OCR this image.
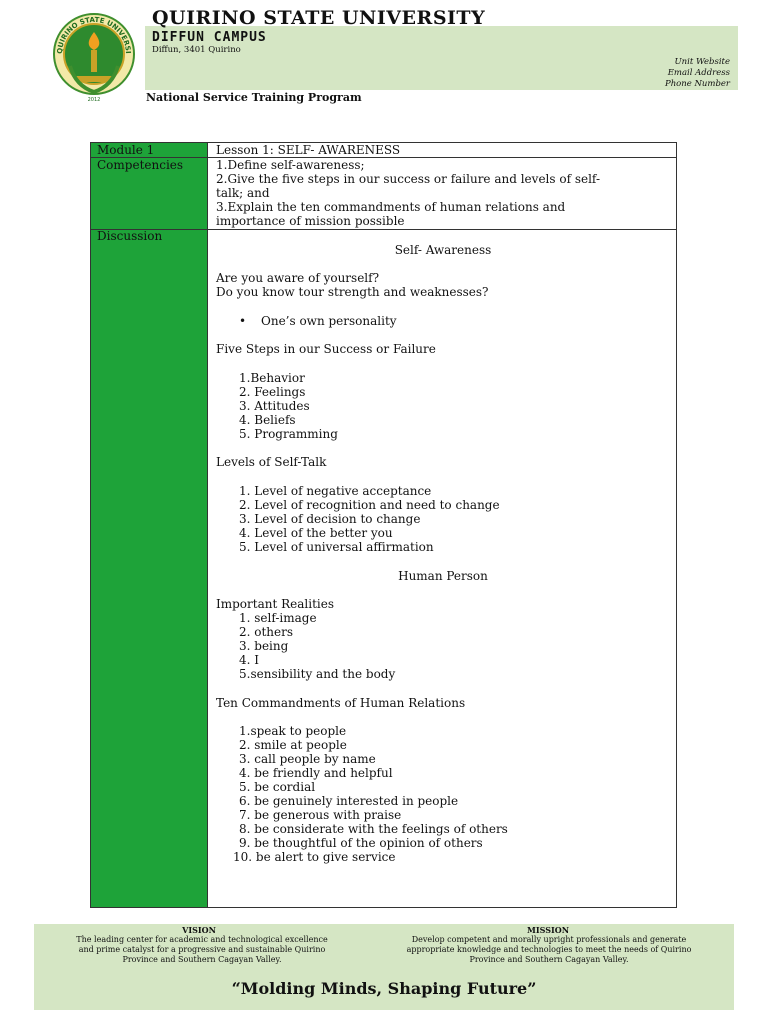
QUIRINO STATE UNIVERSI
2012
QUIRINO STATE UNIVERSITY
DIFFUN CAMPUS
Diffun, 3401 Quirino
Unit Website
Email Address
Phone Number
National Service Training Program
Module 1
Competencies
Discussion
Lesson 1: SELF- AWARENESS
1.Define self-awareness;
2.Give the five steps in our success or failure and levels of self-
talk; and
3.Explain the ten commandments of human relations and
importance of mission possible
Self- Awareness
Are you aware of yourself?
Do you know tour strength and weaknesses?
• One’s own personality
Five Steps in our Success or Failure
1.Behavior
2. Feelings
3. Attitudes
4. Beliefs
5. Programming
Levels of Self-Talk
1. Level of negative acceptance
2. Level of recognition and need to change
3. Level of decision to change
4. Level of the better you
5. Level of universal affirmation
Human Person
Important Realities
1. self-image
2. others
3. being
4. I
5.sensibility and the body
Ten Commandments of Human Relations
1.speak to people
2. smile at people
3. call people by name
4. be friendly and helpful
5. be cordial
6. be genuinely interested in people
7. be generous with praise
8. be considerate with the feelings of others
9. be thoughtful of the opinion of others
10. be alert to give service
VISION
The leading center for academic and technological excellence
and prime catalyst for a progressive and sustainable Quirino
Province and Southern Cagayan Valley.
MISSION
Develop competent and morally upright professionals and generate
appropriate knowledge and technologies to meet the needs of Quirino
Province and Southern Cagayan Valley.
“Molding Minds, Shaping Future”
